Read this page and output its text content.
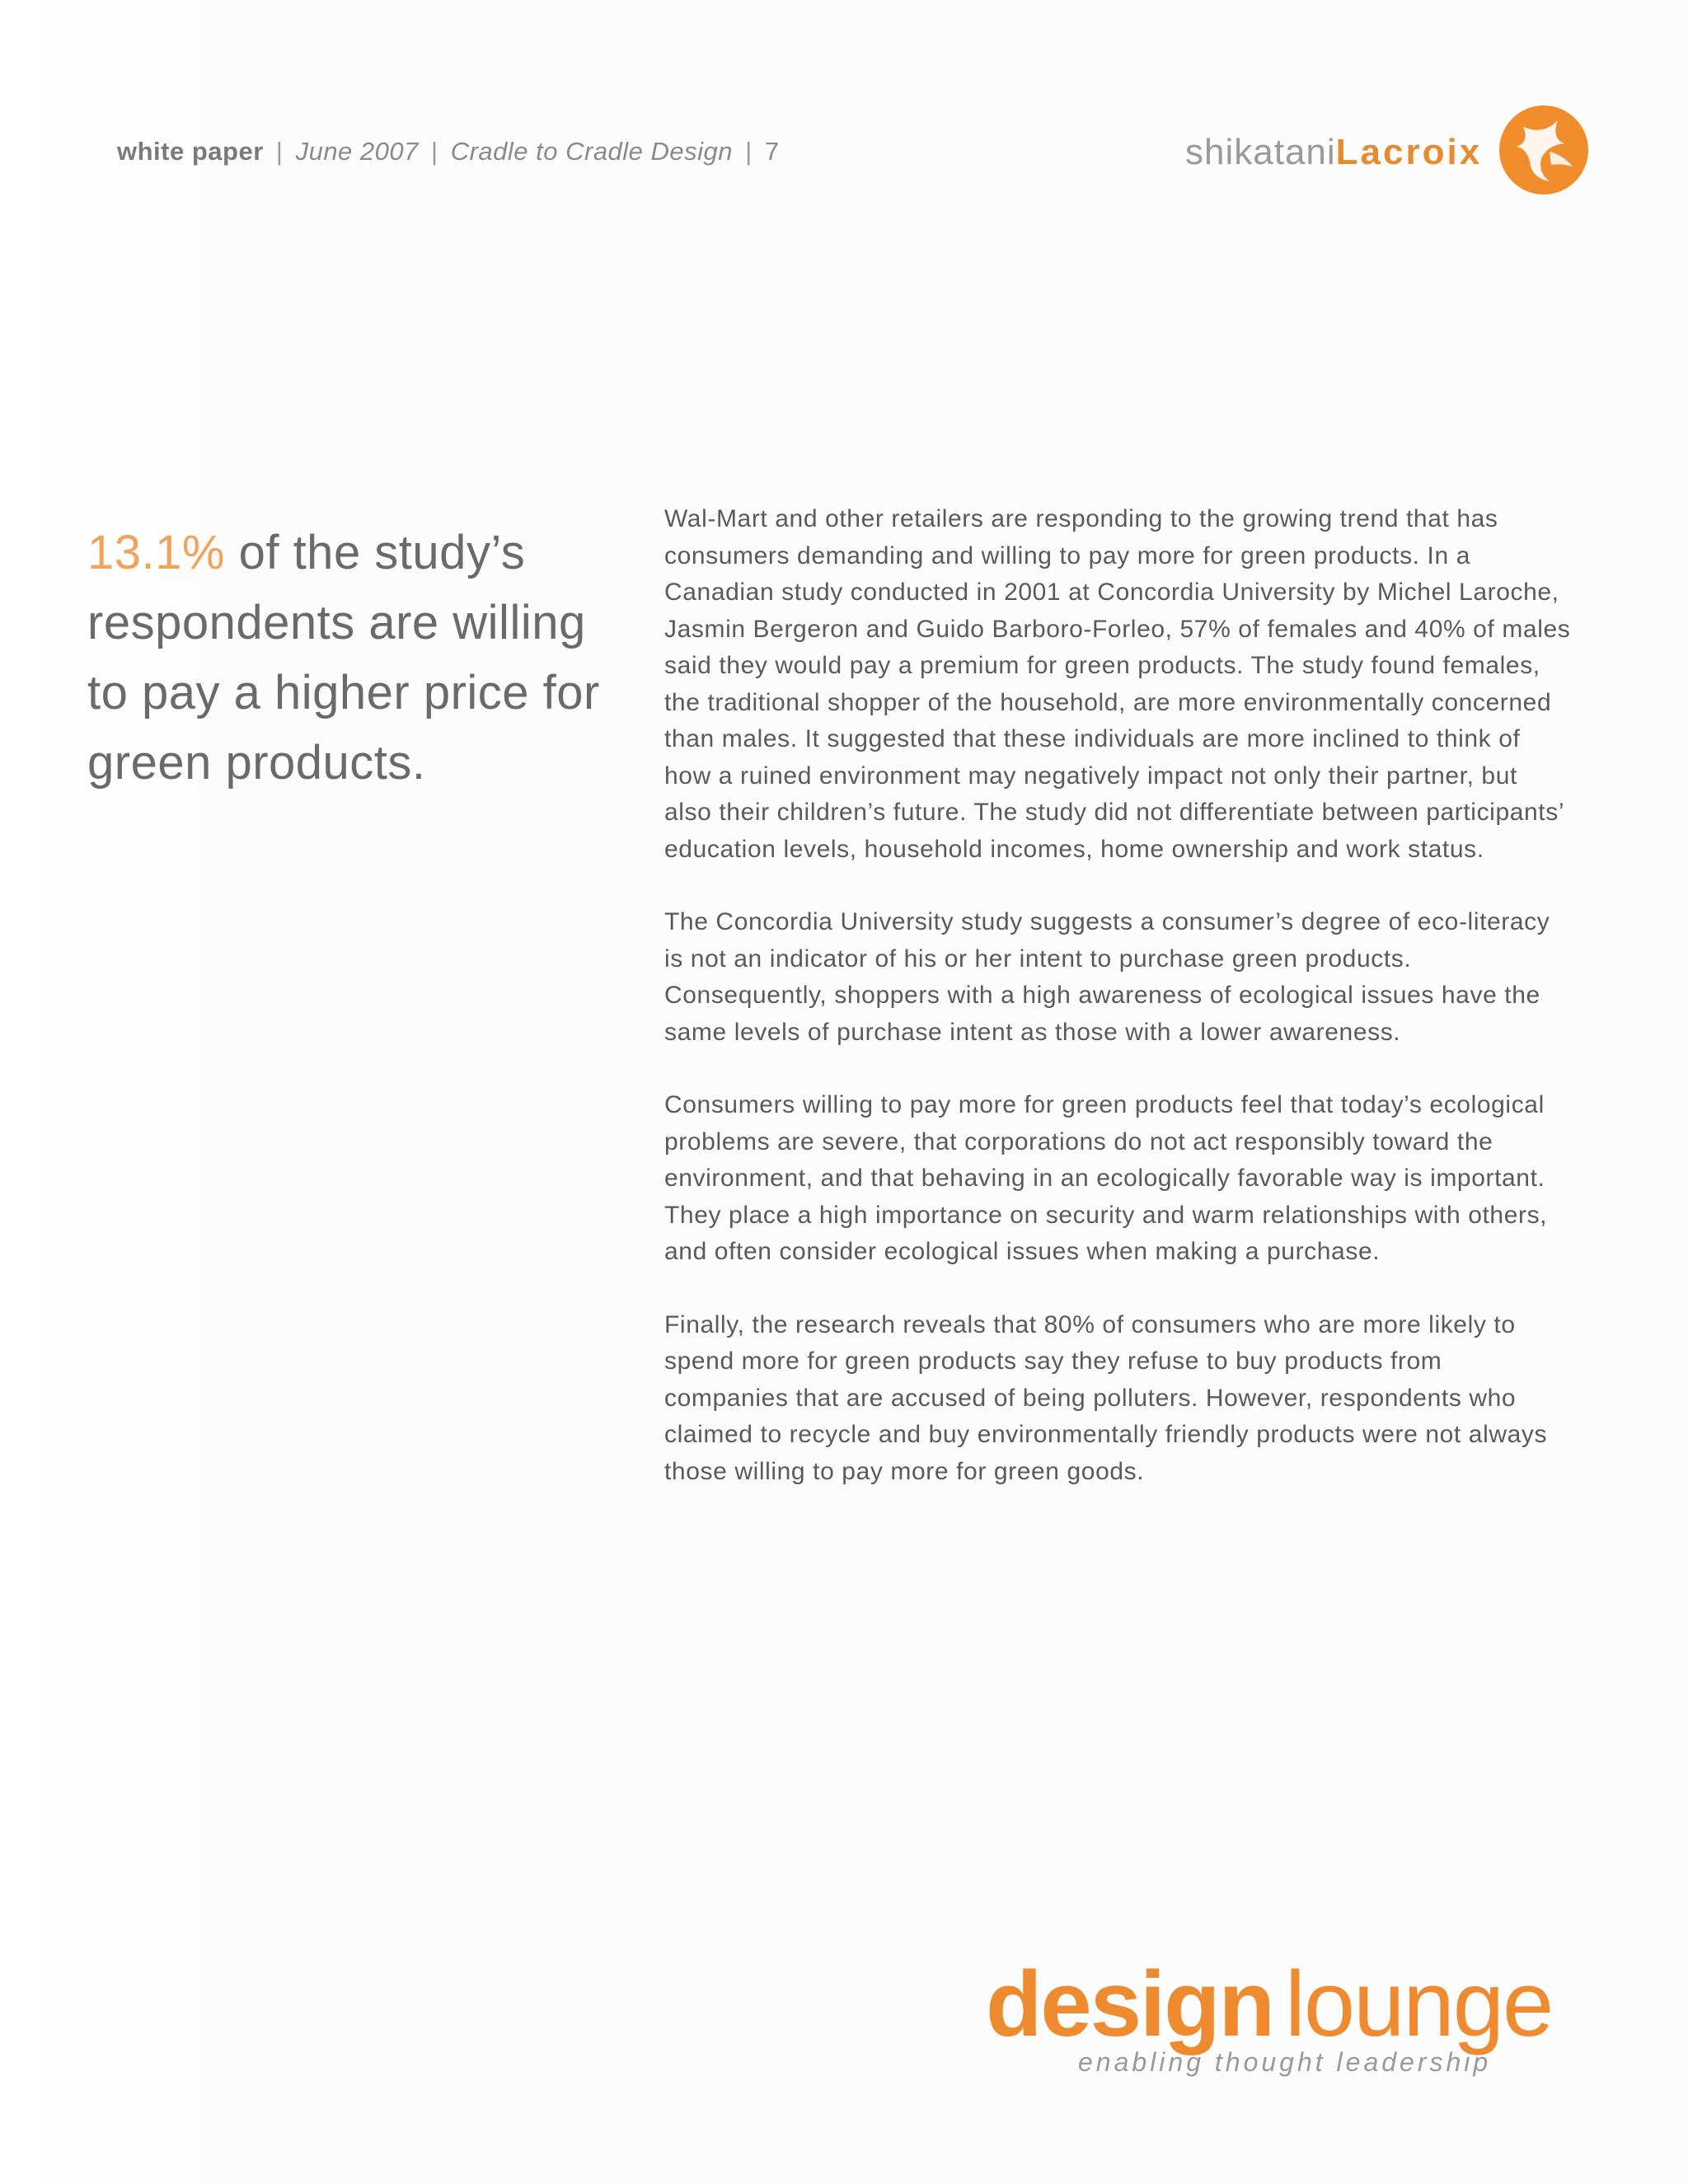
white paper | June 2007 | Cradle to Cradle Design | 7	shikataniLacroix
13.1% of the study’s respondents are willing to pay a higher price for green products.

Wal-Mart and other retailers are responding to the growing trend that has consumers demanding and willing to pay more for green products. In a Canadian study conducted in 2001 at Concordia University by Michel Laroche, Jasmin Bergeron and Guido Barboro-Forleo, 57% of females and 40% of males said they would pay a premium for green products. The study found females, the traditional shopper of the household, are more environmentally concerned than males. It suggested that these individuals are more inclined to think of how a ruined environment may negatively impact not only their partner, but also their children’s future. The study did not differentiate between participants’ education levels, household incomes, home ownership and work status.

The Concordia University study suggests a consumer’s degree of eco-literacy is not an indicator of his or her intent to purchase green products. Consequently, shoppers with a high awareness of ecological issues have the same levels of purchase intent as those with a lower awareness.

Consumers willing to pay more for green products feel that today’s ecological problems are severe, that corporations do not act responsibly toward the environment, and that behaving in an ecologically favorable way is important. They place a high importance on security and warm relationships with others, and often consider ecological issues when making a purchase.

Finally, the research reveals that 80% of consumers who are more likely to spend more for green products say they refuse to buy products from companies that are accused of being polluters. However, respondents who claimed to recycle and buy environmentally friendly products were not always those willing to pay more for green goods.

design lounge
enabling thought leadership
